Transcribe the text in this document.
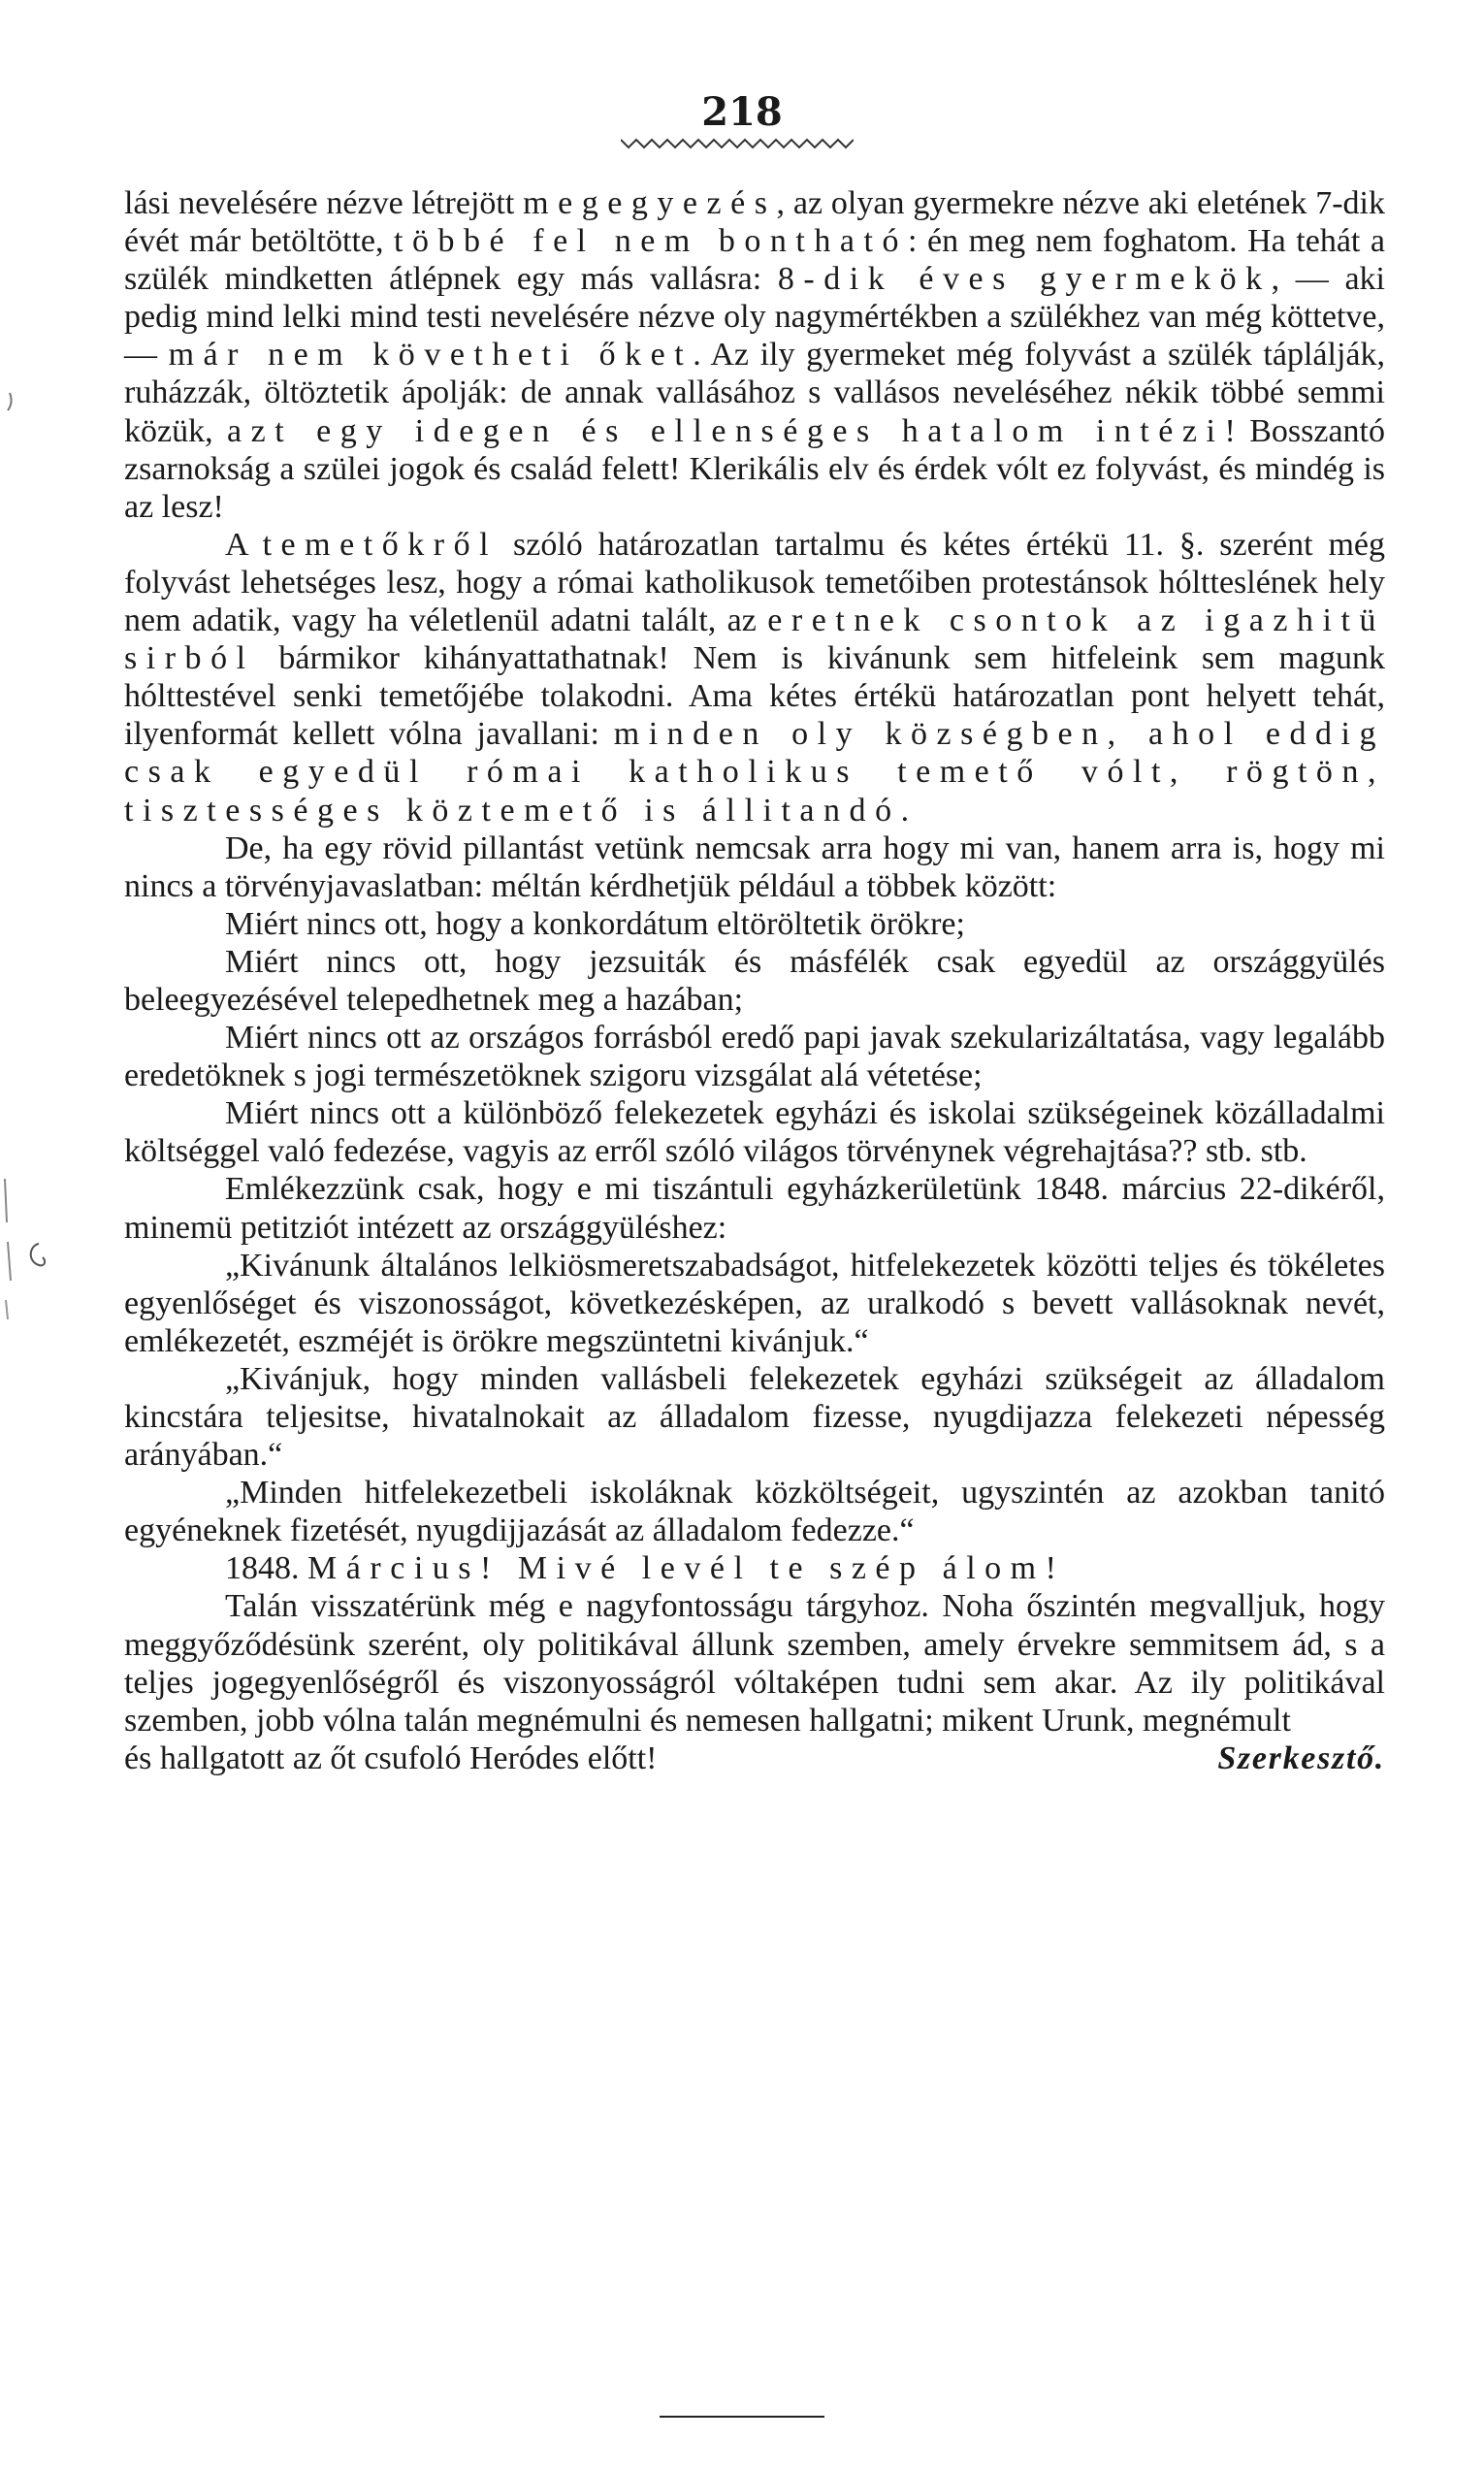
218

lási nevelésére nézve létrejött megegyezés, az olyan gyermekre nézve aki eletének 7-dik évét már betöltötte, többé fel nem bontható: én meg nem foghatom. Ha tehát a szülék mindketten átlépnek egy más vallásra: 8-dik éves gyermekök, — aki pedig mind lelki mind testi nevelésére nézve oly nagymértékben a szülékhez van még köttetve, — már nem követheti őket. Az ily gyermeket még folyvást a szülék táplálják, ruházzák, öltöztetik ápolják: de annak vallásához s vallásos neveléséhez nékik többé semmi közük, azt egy idegen és ellenséges hatalom intézi! Bosszantó zsarnokság a szülei jogok és család felett! Klerikális elv és érdek vólt ez folyvást, és mindég is az lesz!

A temetőkről szóló határozatlan tartalmu és kétes értékü 11. §. szerént még folyvást lehetséges lesz, hogy a római katholikusok temetőiben protestánsok hóltteslének hely nem adatik, vagy ha véletlenül adatni talált, az eretnek csontok az igazhitü sirból bármikor kihányattathatnak! Nem is kivánunk sem hitfeleink sem magunk hólttestével senki temetőjébe tolakodni. Ama kétes értékü határozatlan pont helyett tehát, ilyenformát kellett vólna javallani: minden oly községben, ahol eddig csak egyedül római katholikus temető vólt, rögtön, tisztességes köztemető is állitandó.

De, ha egy rövid pillantást vetünk nemcsak arra hogy mi van, hanem arra is, hogy mi nincs a törvényjavaslatban: méltán kérdhetjük például a többek között:

Miért nincs ott, hogy a konkordátum eltöröltetik örökre;

Miért nincs ott, hogy jezsuiták és másfélék csak egyedül az országgyülés beleegyezésével telepedhetnek meg a hazában;

Miért nincs ott az országos forrásból eredő papi javak szekularizáltatása, vagy legalább eredetöknek s jogi természetöknek szigoru vizsgálat alá vétetése;

Miért nincs ott a különböző felekezetek egyházi és iskolai szükségeinek közálladalmi költséggel való fedezése, vagyis az erről szóló világos törvénynek végrehajtása?? stb. stb.

Emlékezzünk csak, hogy e mi tiszántuli egyházkerületünk 1848. március 22-dikéről, minemü petitziót intézett az országgyüléshez:

„Kivánunk általános lelkiösmeretszabadságot, hitfelekezetek közötti teljes és tökéletes egyenlőséget és viszonosságot, következésképen, az uralkodó s bevett vallásoknak nevét, emlékezetét, eszméjét is örökre megszüntetni kivánjuk.“

„Kivánjuk, hogy minden vallásbeli felekezetek egyházi szükségeit az álladalom kincstára teljesitse, hivatalnokait az álladalom fizesse, nyugdijazza felekezeti népesség arányában.“

„Minden hitfelekezetbeli iskoláknak közköltségeit, ugyszintén az azokban tanitó egyéneknek fizetését, nyugdijjazását az álladalom fedezze.“

1848. Március! Mivé levél te szép álom!

Talán visszatérünk még e nagyfontosságu tárgyhoz. Noha őszintén megvalljuk, hogy meggyőződésünk szerént, oly politikával állunk szemben, amely érvekre semmitsem ád, s a teljes jogegyenlőségről és viszonyosságról vóltaképen tudni sem akar. Az ily politikával szemben, jobb vólna talán megnémulni és nemesen hallgatni; mikent Urunk, megnémult

és hallgatott az őt csufoló Heródes előtt!	Szerkesztő.
